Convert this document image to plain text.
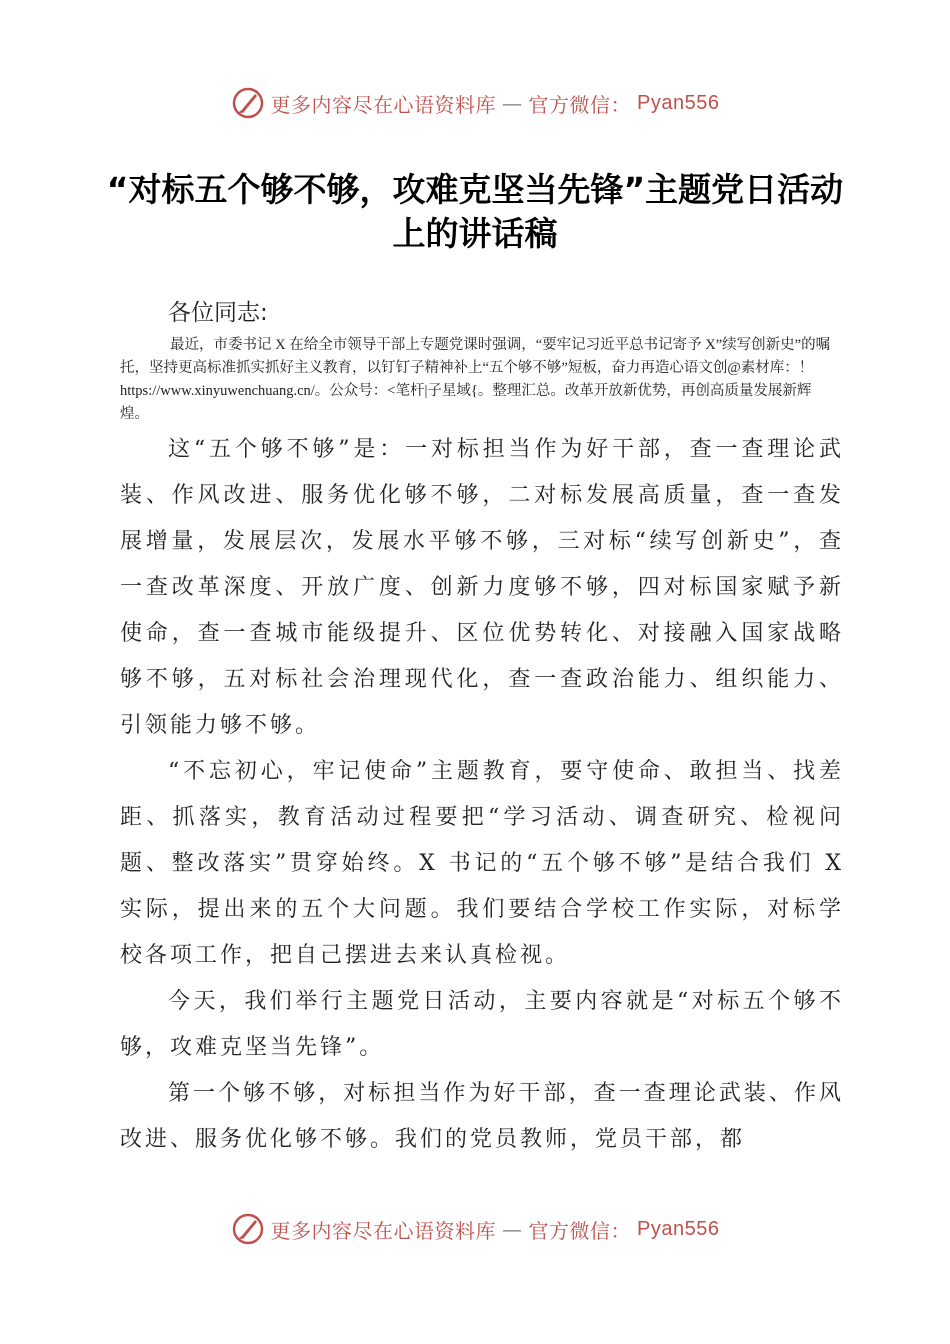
更多内容尽在心语资料库 — 官方微信： Pyan556
“对标五个够不够，攻难克坚当先锋”主题党日活动上的讲话稿

各位同志:

最近，市委书记 X 在给全市领导干部上专题党课时强调，“要牢记习近平总书记寄予 X”续写创新史”的嘱托，坚持更高标准抓实抓好主义教育，以钉钉子精神补上“五个够不够”短板，奋力再造心语文创@素材库：！https://www.xinyuwenchuang.cn/。公众号：<笔杆|子星域{。整理汇总。改革开放新优势，再创高质量发展新辉煌。

这“五个够不够”是：一对标担当作为好干部，查一查理论武装、作风改进、服务优化够不够，二对标发展高质量，查一查发展增量，发展层次，发展水平够不够，三对标“续写创新史”，查一查改革深度、开放广度、创新力度够不够，四对标国家赋予新使命，查一查城市能级提升、区位优势转化、对接融入国家战略够不够，五对标社会治理现代化，查一查政治能力、组织能力、引领能力够不够。

“不忘初心，牢记使命”主题教育，要守使命、敢担当、找差距、抓落实，教育活动过程要把“学习活动、调查研究、检视问题、整改落实”贯穿始终。X 书记的“五个够不够”是结合我们 X 实际，提出来的五个大问题。我们要结合学校工作实际，对标学校各项工作，把自己摆进去来认真检视。

今天，我们举行主题党日活动，主要内容就是“对标五个够不够，攻难克坚当先锋”。

第一个够不够，对标担当作为好干部，查一查理论武装、作风改进、服务优化够不够。我们的党员教师，党员干部，都

更多内容尽在心语资料库 — 官方微信： Pyan556
